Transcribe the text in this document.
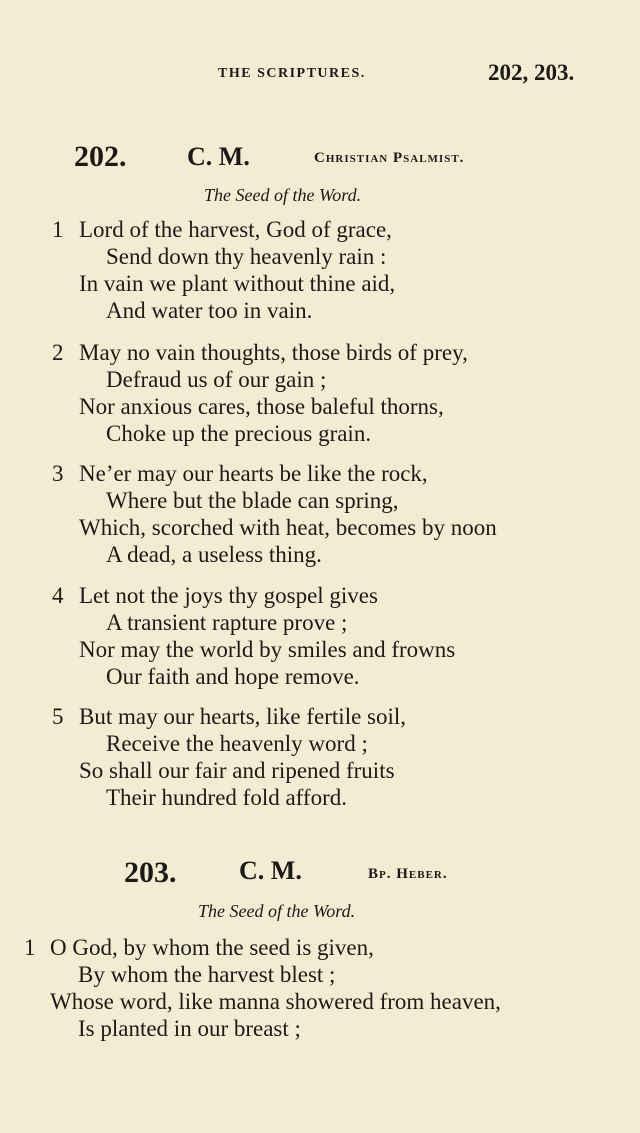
THE SCRIPTURES.	202, 203.
202. C. M.	Christian Psalmist.
The Seed of the Word.
1 Lord of the harvest, God of grace,
Send down thy heavenly rain :
In vain we plant without thine aid,
And water too in vain.
2 May no vain thoughts, those birds of prey,
Defraud us of our gain ;
Nor anxious cares, those baleful thorns,
Choke up the precious grain.
3 Ne’er may our hearts be like the rock,
Where but the blade can spring,
Which, scorched with heat, becomes by noon
A dead, a useless thing.
4 Let not the joys thy gospel gives
A transient rapture prove ;
Nor may the world by smiles and frowns
Our faith and hope remove.
5 But may our hearts, like fertile soil,
Receive the heavenly word ;
So shall our fair and ripened fruits
Their hundred fold afford.
203. C. M.	Bp. Heber.
The Seed of the Word.
1 O God, by whom the seed is given,
By whom the harvest blest ;
Whose word, like manna showered from heaven,
Is planted in our breast ;
